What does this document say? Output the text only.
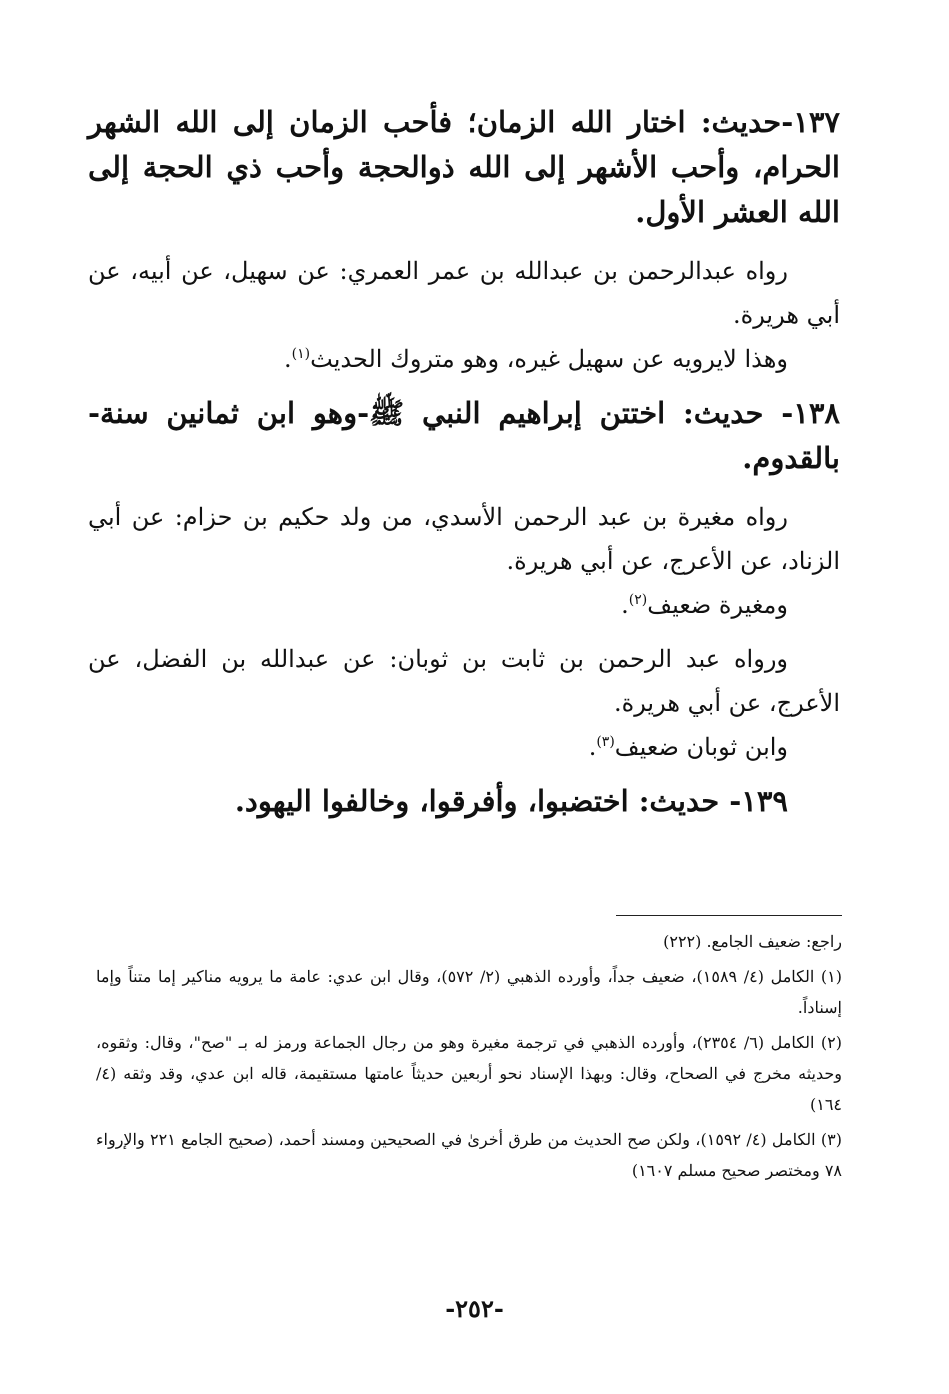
١٣٧-حديث: اختار الله الزمان؛ فأحب الزمان إلى الله الشهر الحرام، وأحب الأشهر إلى الله ذوالحجة وأحب ذي الحجة إلى الله العشر الأول.

رواه عبدالرحمن بن عبدالله بن عمر العمري: عن سهيل، عن أبيه، عن أبي هريرة.

وهذا لايرويه عن سهيل غيره، وهو متروك الحديث$^{(١)}$.

١٣٨- حديث: اختتن إبراهيم النبي ﷺ-وهو ابن ثمانين سنة- بالقدوم.

رواه مغيرة بن عبد الرحمن الأسدي، من ولد حكيم بن حزام: عن أبي الزناد، عن الأعرج، عن أبي هريرة.

ومغيرة ضعيف$^{(٢)}$.

ورواه عبد الرحمن بن ثابت بن ثوبان: عن عبدالله بن الفضل، عن الأعرج، عن أبي هريرة.

وابن ثوبان ضعيف$^{(٣)}$.

١٣٩- حديث: اختضبوا، وأفرقوا، وخالفوا اليهود.

راجع: ضعيف الجامع. (٢٢٢)

(١) الكامل (٤/ ١٥٨٩)، ضعيف جداً، وأورده الذهبي (٢/ ٥٧٢)، وقال ابن عدي: عامة ما يرويه مناكير إما متناً وإما إسناداً.

(٢) الكامل (٦/ ٢٣٥٤)، وأورده الذهبي في ترجمة مغيرة وهو من رجال الجماعة ورمز له بـ "صح"، وقال: وثقوه، وحديثه مخرج في الصحاح، وقال: وبهذا الإسناد نحو أربعين حديثاً عامتها مستقيمة، قاله ابن عدي، وقد وثقه (٤/ ١٦٤)

(٣) الكامل (٤/ ١٥٩٢)، ولكن صح الحديث من طرق أخرىٰ في الصحيحين ومسند أحمد، (صحيح الجامع ٢٢١ والإرواء ٧٨ ومختصر صحيح مسلم ١٦٠٧)

-٢٥٢-
